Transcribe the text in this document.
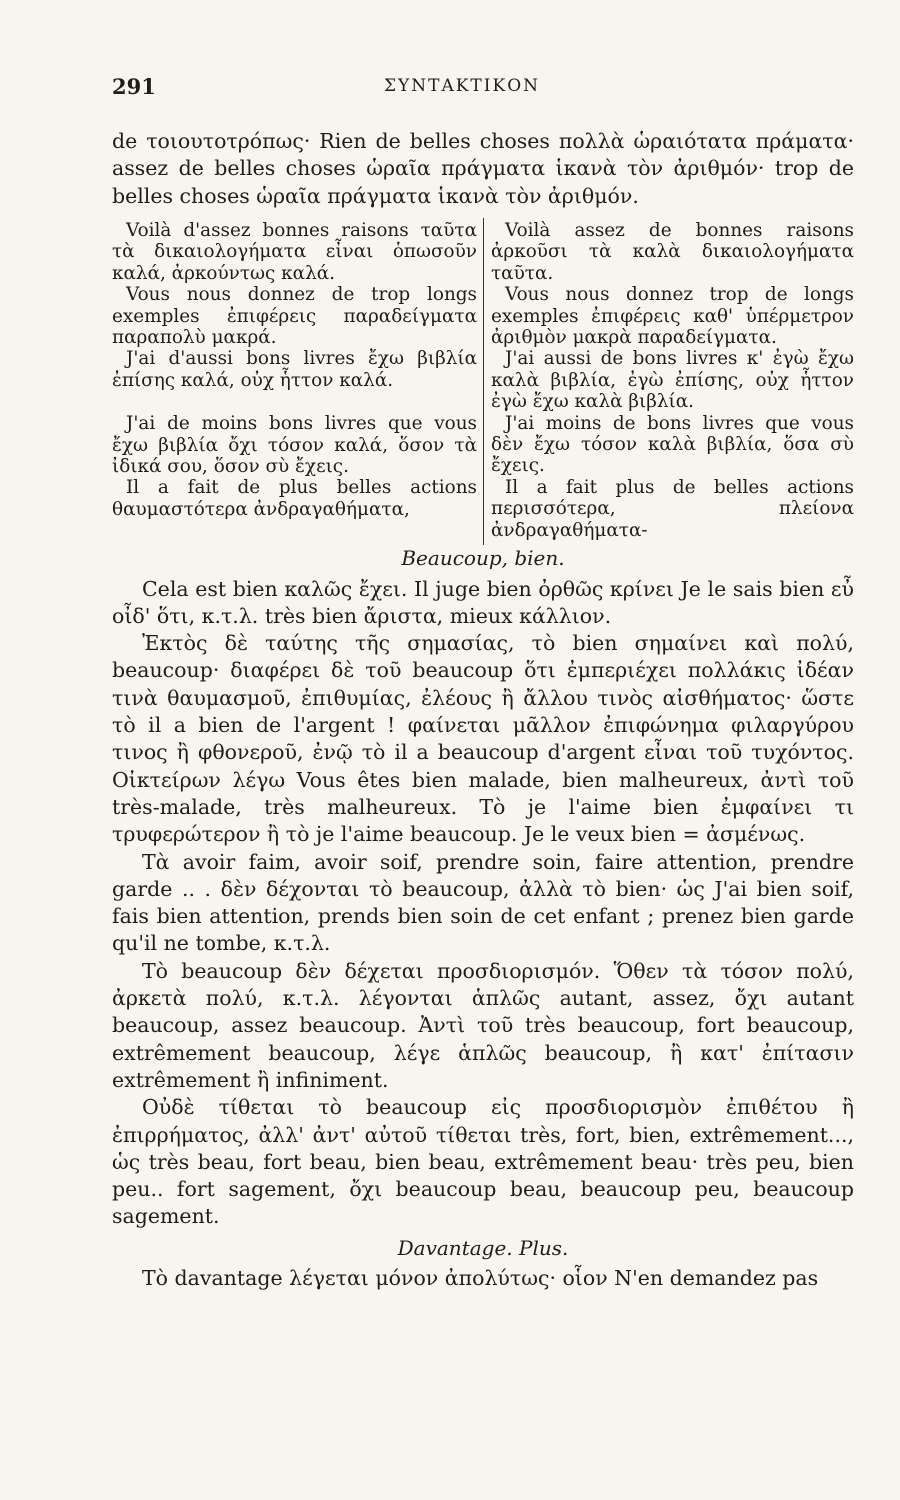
291	ΣΥΝΤΑΚΤΙΚΟΝ

de τοιουτοτρόπως· Rien de belles choses πολλὰ ὡραιότατα πράματα· assez de belles choses ὡραῖα πράγματα ἱκανὰ τὸν ἀριθμόν· trop de belles choses ὡραῖα πράγματα ἱκανὰ τὸν ἀριθμόν.

Voilà d'assez bonnes raisons ταῦτα τὰ δικαιολογήματα εἶναι ὁπωσοῦν καλά, ἀρκούντως καλά.

Vous nous donnez de trop longs exemples ἐπιφέρεις παραδείγματα παραπολὺ μακρά.

J'ai d'aussi bons livres ἔχω βιβλία ἐπίσης καλά, οὐχ ἧττον καλά.

J'ai de moins bons livres que vous ἔχω βιβλία ὄχι τόσον καλά, ὅσον τὰ ἰδικά σου, ὅσον σὺ ἔχεις.

Il a fait de plus belles actions θαυμαστότερα ἀνδραγαθήματα,

Voilà assez de bonnes raisons ἀρκοῦσι τὰ καλὰ δικαιολογήματα ταῦτα.

Vous nous donnez trop de longs exemples ἐπιφέρεις καθ' ὑπέρμετρον ἀριθμὸν μακρὰ παραδείγματα.

J'ai aussi de bons livres κ' ἐγὼ ἔχω καλὰ βιβλία, ἐγὼ ἐπίσης, οὐχ ἧττον ἐγὼ ἔχω καλὰ βιβλία.

J'ai moins de bons livres que vous δὲν ἔχω τόσον καλὰ βιβλία, ὅσα σὺ ἔχεις.

Il a fait plus de belles actions περισσότερα, πλείονα ἀνδραγαθήματα-

Beaucoup, bien.

Cela est bien καλῶς ἔχει. Il juge bien ὀρθῶς κρίνει Je le sais bien εὖ οἶδ' ὅτι, κ.τ.λ. très bien ἄριστα, mieux κάλλιον.

Ἐκτὸς δὲ ταύτης τῆς σημασίας, τὸ bien σημαίνει καὶ πολύ, beaucoup· διαφέρει δὲ τοῦ beaucoup ὅτι ἐμπεριέχει πολλάκις ἰδέαν τινὰ θαυμασμοῦ, ἐπιθυμίας, ἐλέους ἢ ἄλλου τινὸς αἰσθήματος· ὥστε τὸ il a bien de l'argent ! φαίνεται μᾶλλον ἐπιφώνημα φιλαργύρου τινος ἢ φθονεροῦ, ἐνῷ τὸ il a beaucoup d'argent εἶναι τοῦ τυχόντος. Οἰκτείρων λέγω Vous êtes bien malade, bien malheureux, ἀντὶ τοῦ très-malade, très malheureux. Τὸ je l'aime bien ἐμφαίνει τι τρυφερώτερον ἢ τὸ je l'aime beaucoup. Je le veux bien = ἀσμένως.

Τὰ avoir faim, avoir soif, prendre soin, faire attention, prendre garde .. . δὲν δέχονται τὸ beaucoup, ἀλλὰ τὸ bien· ὡς J'ai bien soif, fais bien attention, prends bien soin de cet enfant ; prenez bien garde qu'il ne tombe, κ.τ.λ.

Τὸ beaucoup δὲν δέχεται προσδιορισμόν. Ὅθεν τὰ τόσον πολύ, ἀρκετὰ πολύ, κ.τ.λ. λέγονται ἁπλῶς autant, assez, ὄχι autant beaucoup, assez beaucoup. Ἀντὶ τοῦ très beaucoup, fort beaucoup, extrêmement beaucoup, λέγε ἁπλῶς beaucoup, ἢ κατ' ἐπίτασιν extrêmement ἢ infiniment.

Οὐδὲ τίθεται τὸ beaucoup εἰς προσδιορισμὸν ἐπιθέτου ἢ ἐπιρρήματος, ἀλλ' ἀντ' αὐτοῦ τίθεται très, fort, bien, extrêmement..., ὡς très beau, fort beau, bien beau, extrêmement beau· très peu, bien peu.. fort sagement, ὄχι beaucoup beau, beaucoup peu, beaucoup sagement.

Davantage. Plus.

Τὸ davantage λέγεται μόνον ἀπολύτως· οἷον N'en demandez pas
